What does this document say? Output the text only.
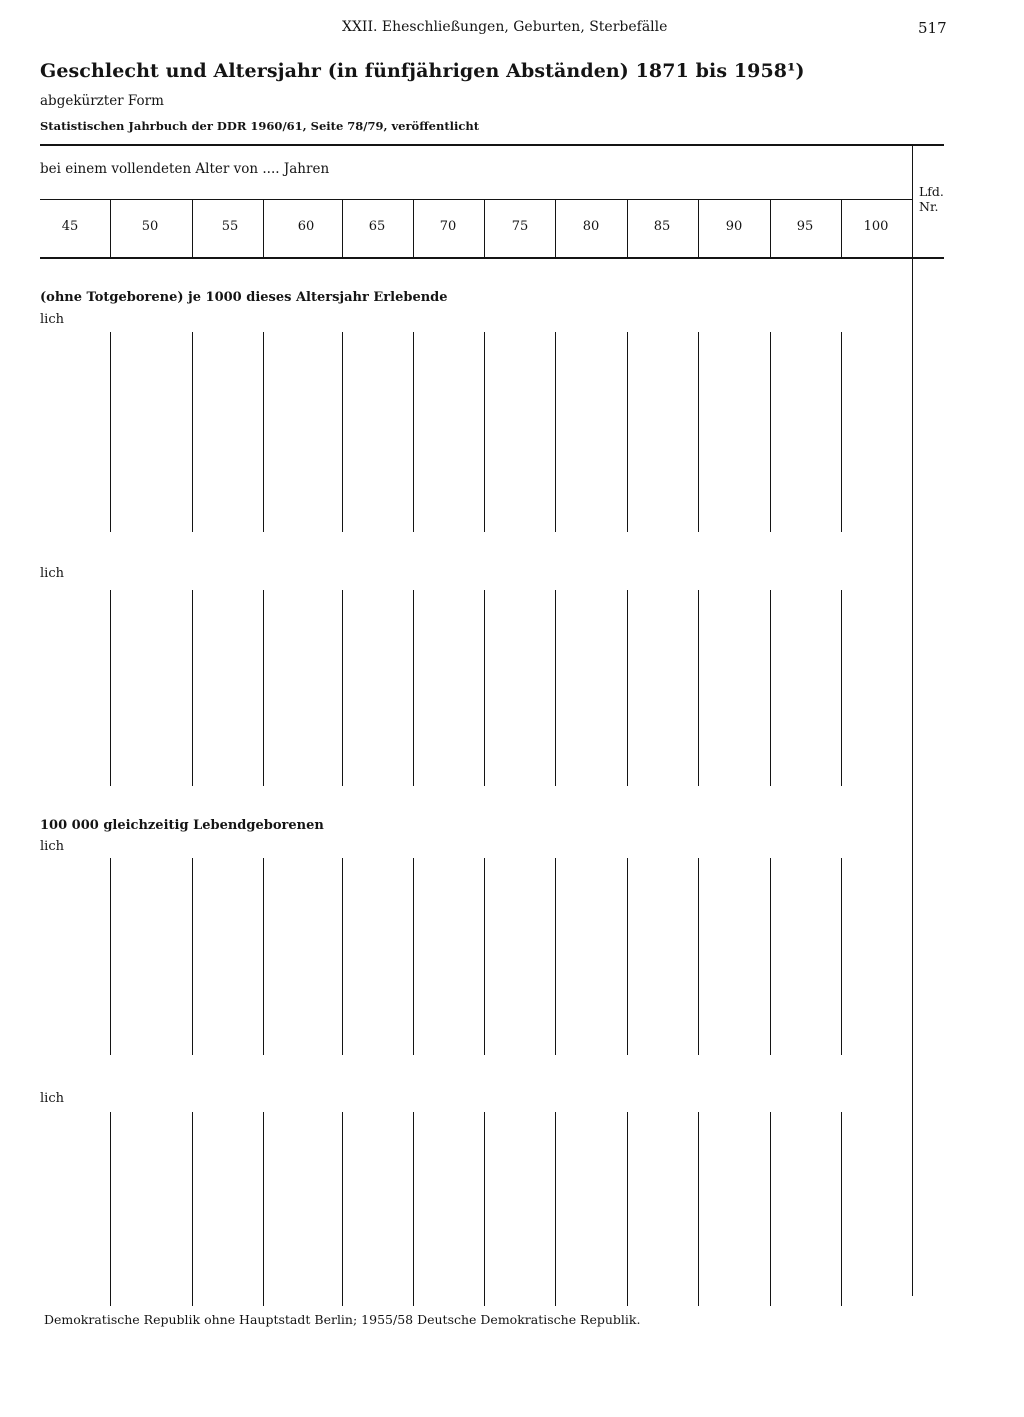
XXII. Eheschließungen, Geburten, Sterbefälle	517
Geschlecht und Altersjahr (in fünfjährigen Abständen) 1871 bis 1958¹)
abgekürzter Form
Statistischen Jahrbuch der DDR 1960/61, Seite 78/79, veröffentlicht
bei einem vollendeten Alter von .... Jahren
Lfd.
Nr.
45	50	55	60	65	70	75	80	85	90	95	100
(ohne Totgeborene) je 1000 dieses Altersjahr Erlebende
lich
lich
100 000 gleichzeitig Lebendgeborenen
lich
lich
Demokratische Republik ohne Hauptstadt Berlin; 1955/58 Deutsche Demokratische Republik.
